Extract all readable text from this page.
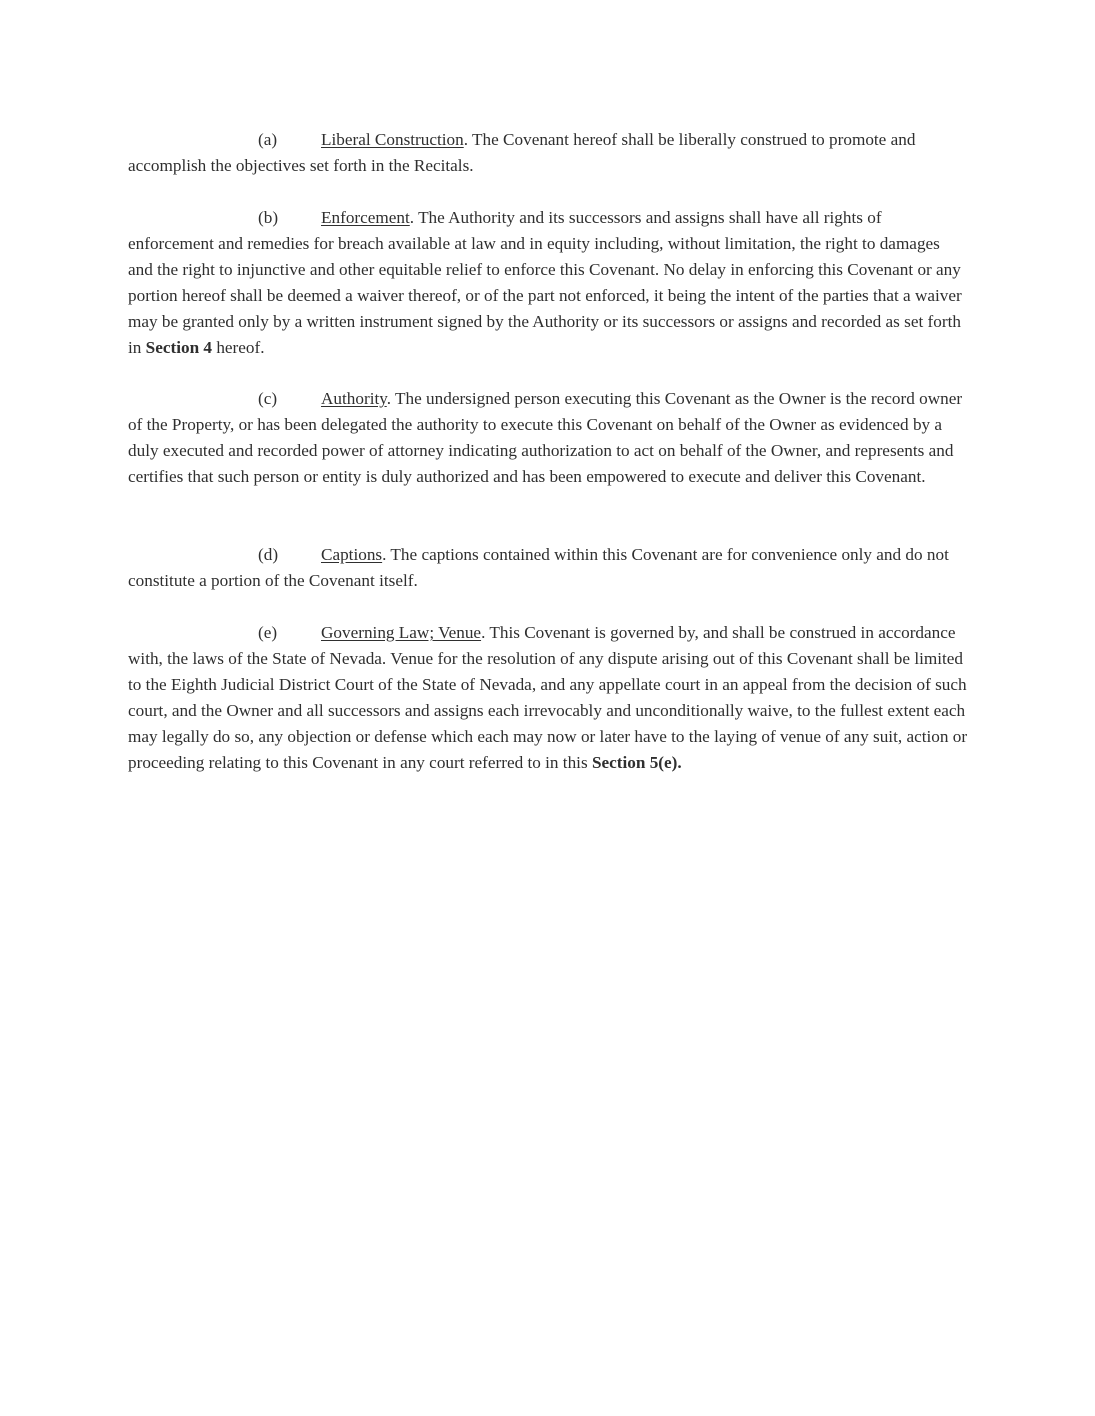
(a)	Liberal Construction. The Covenant hereof shall be liberally construed to promote and accomplish the objectives set forth in the Recitals.

(b) Enforcement. The Authority and its successors and assigns shall have all rights of enforcement and remedies for breach available at law and in equity including, without limitation, the right to damages and the right to injunctive and other equitable relief to enforce this Covenant. No delay in enforcing this Covenant or any portion hereof shall be deemed a waiver thereof, or of the part not enforced, it being the intent of the parties that a waiver may be granted only by a written instrument signed by the Authority or its successors or assigns and recorded as set forth in Section 4 hereof.

(c)	Authority. The undersigned person executing this Covenant as the Owner is the record owner of the Property, or has been delegated the authority to execute this Covenant on behalf of the Owner as evidenced by a duly executed and recorded power of attorney indicating authorization to act on behalf of the Owner, and represents and certifies that such person or entity is duly authorized and has been empowered to execute and deliver this Covenant.

(d) Captions. The captions contained within this Covenant are for convenience only and do not constitute a portion of the Covenant itself.

(e)	Governing Law; Venue. This Covenant is governed by, and shall be construed in accordance with, the laws of the State of Nevada. Venue for the resolution of any dispute arising out of this Covenant shall be limited to the Eighth Judicial District Court of the State of Nevada, and any appellate court in an appeal from the decision of such court, and the Owner and all successors and assigns each irrevocably and unconditionally waive, to the fullest extent each may legally do so, any objection or defense which each may now or later have to the laying of venue of any suit, action or proceeding relating to this Covenant in any court referred to in this Section 5(e).
